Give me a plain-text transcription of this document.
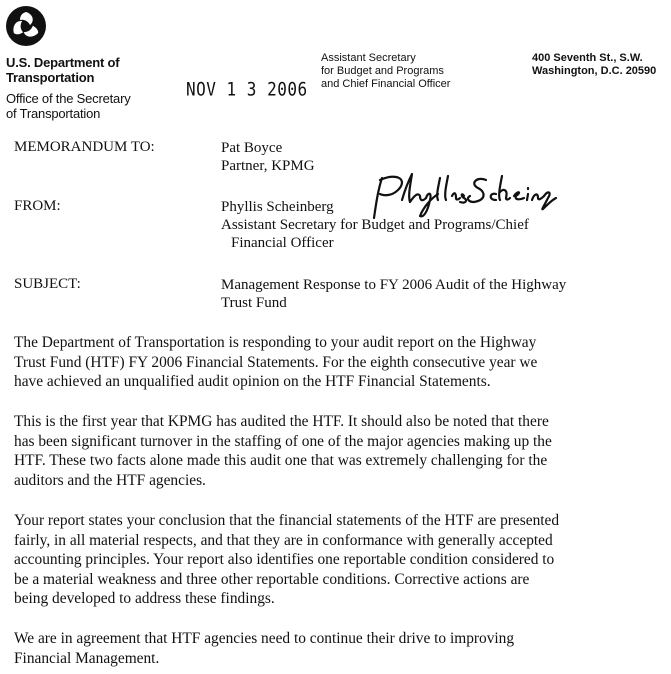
U.S. Department of
Transportation
Office of the Secretary
of Transportation
NOV 1 3 2006
Assistant Secretary
for Budget and Programs
and Chief Financial Officer
400 Seventh St., S.W.
Washington, D.C. 20590
MEMORANDUM TO:	Pat Boyce
Partner, KPMG
FROM:	Phyllis Scheinberg
Assistant Secretary for Budget and Programs/Chief
Financial Officer
SUBJECT:	Management Response to FY 2006 Audit of the Highway
Trust Fund
The Department of Transportation is responding to your audit report on the Highway
Trust Fund (HTF) FY 2006 Financial Statements. For the eighth consecutive year we
have achieved an unqualified audit opinion on the HTF Financial Statements.
This is the first year that KPMG has audited the HTF. It should also be noted that there
has been significant turnover in the staffing of one of the major agencies making up the
HTF. These two facts alone made this audit one that was extremely challenging for the
auditors and the HTF agencies.
Your report states your conclusion that the financial statements of the HTF are presented
fairly, in all material respects, and that they are in conformance with generally accepted
accounting principles. Your report also identifies one reportable condition considered to
be a material weakness and three other reportable conditions. Corrective actions are
being developed to address these findings.
We are in agreement that HTF agencies need to continue their drive to improving
Financial Management.
